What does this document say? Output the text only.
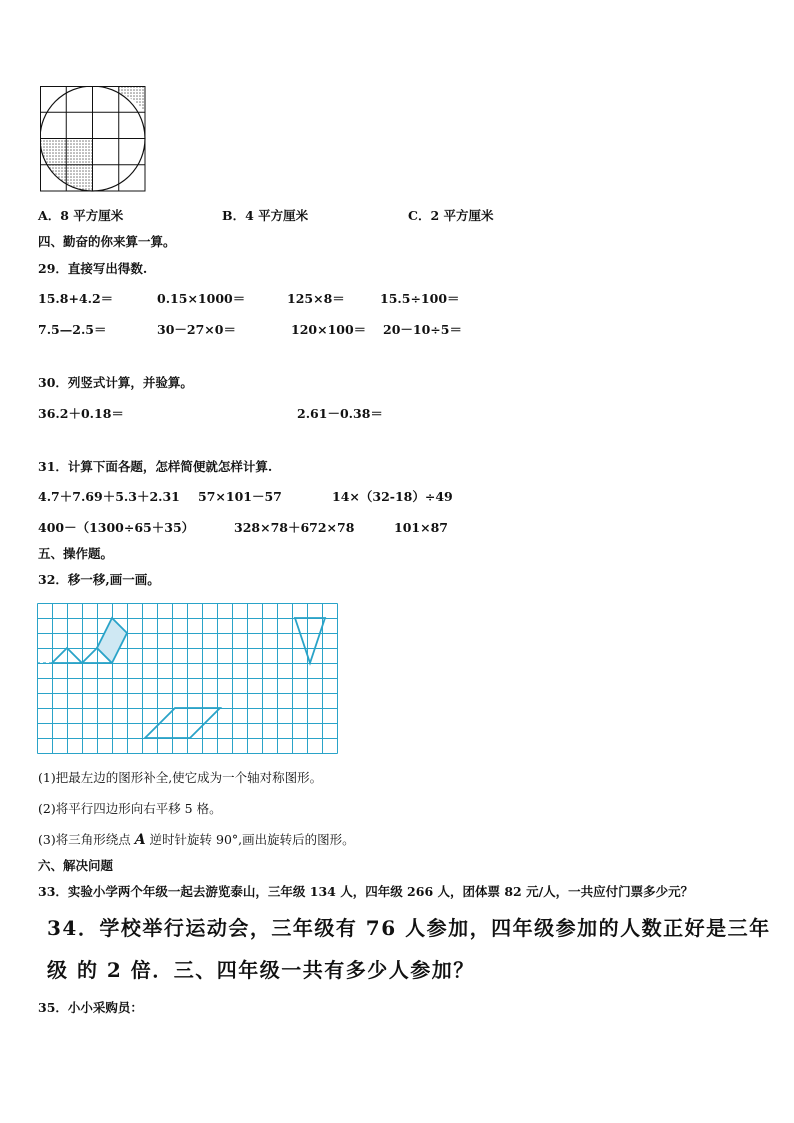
A．8 平方厘米	B．4 平方厘米	C．2 平方厘米
四、勤奋的你来算一算。
29．直接写出得数.
15.8+4.2＝	0.15×1000＝	125×8＝	15.5÷100＝
7.5—2.5＝	30－27×0＝	120×100＝ 20－10÷5＝
30．列竖式计算，并验算。
36.2＋0.18＝	2.61－0.38＝
31．计算下面各题，怎样简便就怎样计算.
4.7＋7.69＋5.3＋2.31 57×101－57	14×（32-18）÷49
400－（1300÷65＋35）	328×78＋672×78	101×87
五、操作题。
32．移一移,画一画。
(1)把最左边的图形补全,使它成为一个轴对称图形。
(2)将平行四边形向右平移 5 格。
(3)将三角形绕点 A 逆时针旋转 90°,画出旋转后的图形。
六、解决问题
33．实验小学两个年级一起去游览泰山，三年级 134 人，四年级 266 人，团体票 82 元/人，一共应付门票多少元？
34．学校举行运动会，三年级有 76 人参加，四年级参加的人数正好是三年
级 的 2 倍．三、四年级一共有多少人参加？
35．小小采购员：
